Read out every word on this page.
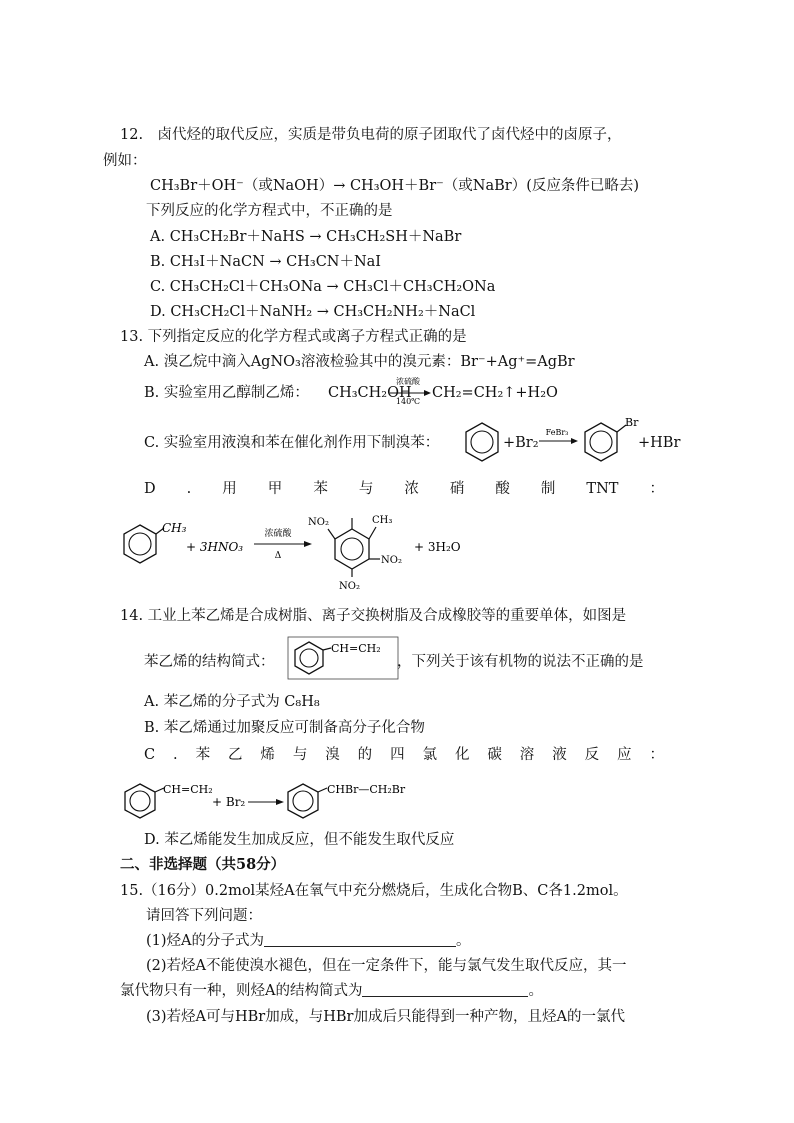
12.　卤代烃的取代反应，实质是带负电荷的原子团取代了卤代烃中的卤原子，
例如：
CH₃Br＋OH⁻（或NaOH）→ CH₃OH＋Br⁻（或NaBr）(反应条件已略去)
下列反应的化学方程式中，不正确的是
A. CH₃CH₂Br＋NaHS → CH₃CH₂SH＋NaBr
B. CH₃I＋NaCN → CH₃CN＋NaI
C. CH₃CH₂Cl＋CH₃ONa → CH₃Cl＋CH₃CH₂ONa
D. CH₃CH₂Cl＋NaNH₂ → CH₃CH₂NH₂＋NaCl
13. 下列指定反应的化学方程式或离子方程式正确的是
A. 溴乙烷中滴入AgNO₃溶液检验其中的溴元素：Br⁻+Ag⁺=AgBr
B. 实验室用乙醇制乙烯： CH₃CH₂OH
浓硫酸
140℃
CH₂=CH₂↑+H₂O
C. 实验室用液溴和苯在催化剂作用下制溴苯：	+Br₂
FeBr₃
Br
+HBr
D . 用 甲 苯 与 浓 硝 酸 制 TNT ：
CH₃
+ 3HNO₃
浓硫酸
Δ
NO₂	CH₃
NO₂
NO₂
+ 3H₂O
14. 工业上苯乙烯是合成树脂、离子交换树脂及合成橡胶等的重要单体，如图是
苯乙烯的结构简式：
CH=CH₂
，下列关于该有机物的说法不正确的是
A. 苯乙烯的分子式为 C₈H₈
B. 苯乙烯通过加聚反应可制备高分子化合物
C . 苯 乙 烯 与 溴 的 四 氯 化 碳 溶 液 反 应 ：
CH=CH₂
+ Br₂
CHBr—CH₂Br
D. 苯乙烯能发生加成反应，但不能发生取代反应
二、非选择题（共58分）
15.（16分）0.2mol某烃A在氧气中充分燃烧后，生成化合物B、C各1.2mol。
请回答下列问题：
(1)烃A的分子式为	。
(2)若烃A不能使溴水褪色，但在一定条件下，能与氯气发生取代反应，其一
氯代物只有一种，则烃A的结构简式为	。
(3)若烃A可与HBr加成，与HBr加成后只能得到一种产物，且烃A的一氯代
